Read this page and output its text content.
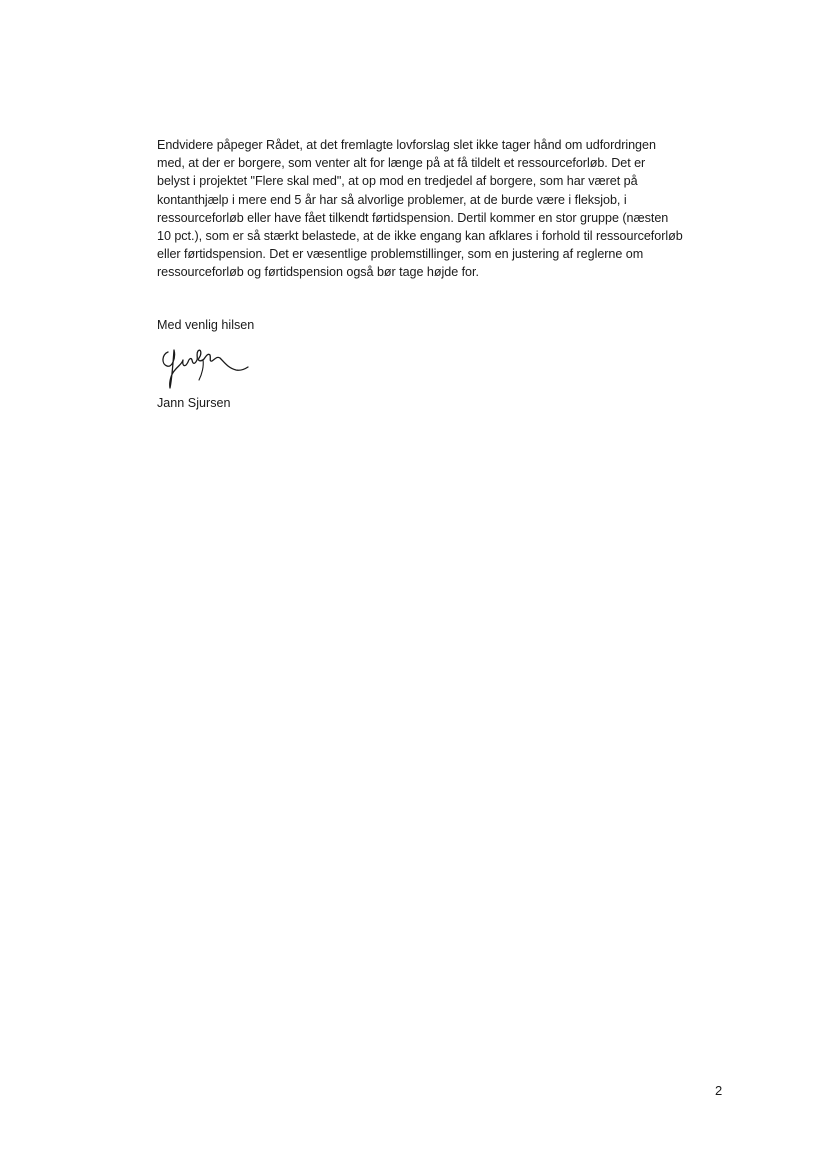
Endvidere påpeger Rådet, at det fremlagte lovforslag slet ikke tager hånd om udfordringen
med, at der er borgere, som venter alt for længe på at få tildelt et ressourceforløb. Det er
belyst i projektet "Flere skal med", at op mod en tredjedel af borgere, som har været på
kontanthjælp i mere end 5 år har så alvorlige problemer, at de burde være i fleksjob, i
ressourceforløb eller have fået tilkendt førtidspension. Dertil kommer en stor gruppe (næsten
10 pct.), som er så stærkt belastede, at de ikke engang kan afklares i forhold til ressourceforløb
eller førtidspension. Det er væsentlige problemstillinger, som en justering af reglerne om
ressourceforløb og førtidspension også bør tage højde for.

Med venlig hilsen

Jann Sjursen

2
